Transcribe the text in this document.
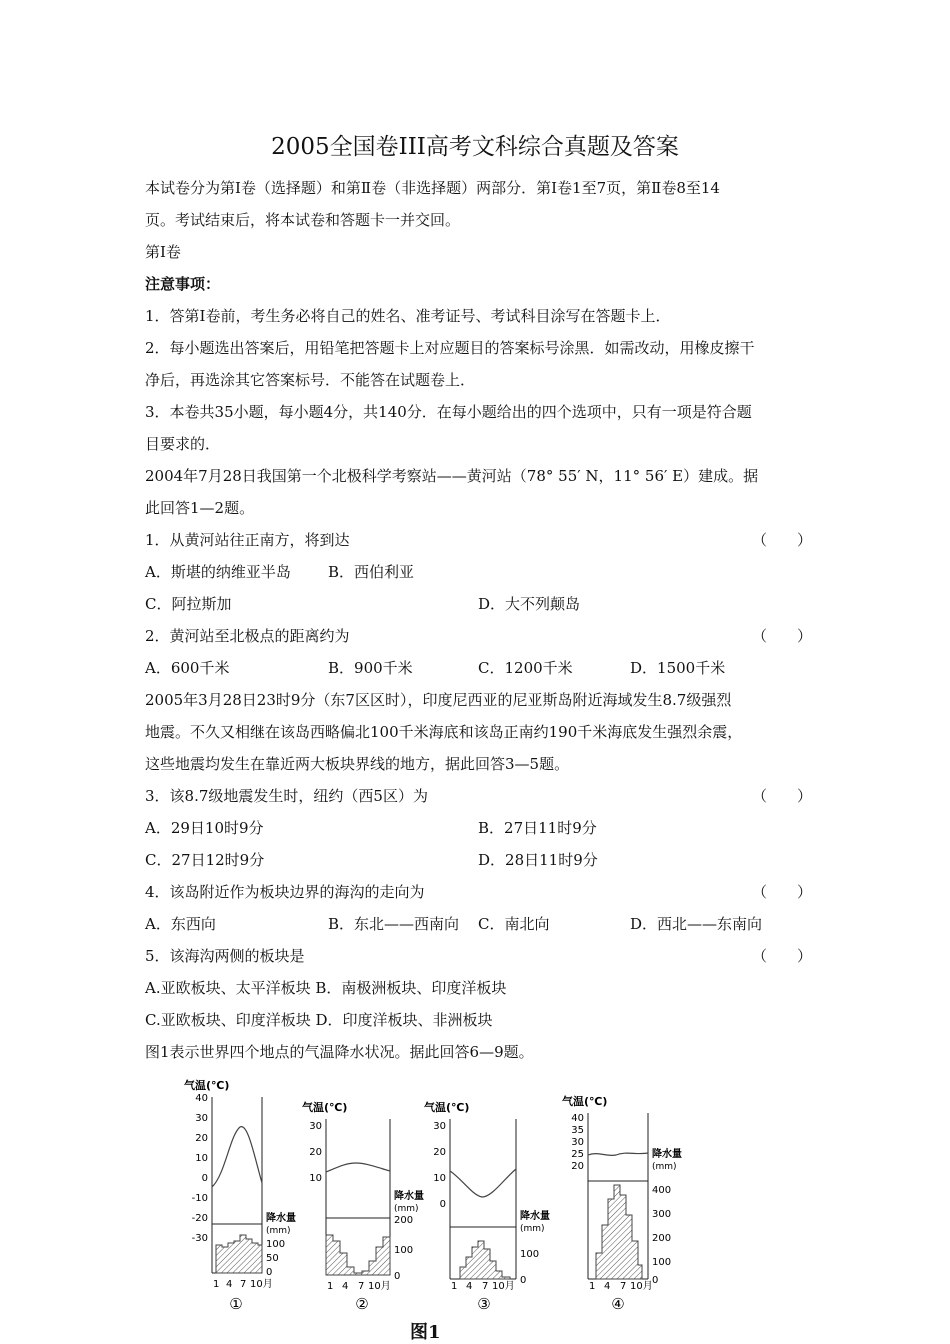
2005全国卷III高考文科综合真题及答案
本试卷分为第Ⅰ卷（选择题）和第Ⅱ卷（非选择题）两部分．第Ⅰ卷1至7页，第Ⅱ卷8至14
页。考试结束后，将本试卷和答题卡一并交回。
第Ⅰ卷
注意事项：
1．答第Ⅰ卷前，考生务必将自己的姓名、准考证号、考试科目涂写在答题卡上．
2．每小题选出答案后，用铅笔把答题卡上对应题目的答案标号涂黑．如需改动，用橡皮擦干
净后，再选涂其它答案标号．不能答在试题卷上．
3．本卷共35小题，每小题4分，共140分．在每小题给出的四个选项中，只有一项是符合题
目要求的．
2004年7月28日我国第一个北极科学考察站——黄河站（78° 55′ N，11° 56′ E）建成。据
此回答1—2题。
1．从黄河站往正南方，将到达	（　　）
A．斯堪的纳维亚半岛 B．西伯利亚
C．阿拉斯加	D．大不列颠岛
2．黄河站至北极点的距离约为	（　　）
A．600千米	B．900千米	C．1200千米	D．1500千米
2005年3月28日23时9分（东7区区时），印度尼西亚的尼亚斯岛附近海域发生8.7级强烈
地震。不久又相继在该岛西略偏北100千米海底和该岛正南约190千米海底发生强烈余震，
这些地震均发生在靠近两大板块界线的地方，据此回答3—5题。
3．该8.7级地震发生时，纽约（西5区）为	（　　）
A．29日10时9分	B．27日11时9分
C．27日12时9分	D．28日11时9分
4．该岛附近作为板块边界的海沟的走向为	（　　）
A．东西向	B．东北——西南向 C．南北向	D．西北——东南向
5．该海沟两侧的板块是	（　　）
A.亚欧板块、太平洋板块 B．南极洲板块、印度洋板块
C.亚欧板块、印度洋板块 D．印度洋板块、非洲板块
图1表示世界四个地点的气温降水状况。据此回答6—9题。
气温(℃)
40
30
20
10
0
-10
-20
-30
降水量
(mm)
100
50
0
1 4 7 10月
①
气温(℃)
30
20
10
降水量
(mm)
200
100
0
1 4 7 10月
②
气温(℃)
30
20
10
0
降水量
(mm)
100
0
1 4 7 10月
③
气温(℃)
40
35
30
25
20
降水量
(mm)
400
300
200
100
0
1 4 7 10月
④
图1
